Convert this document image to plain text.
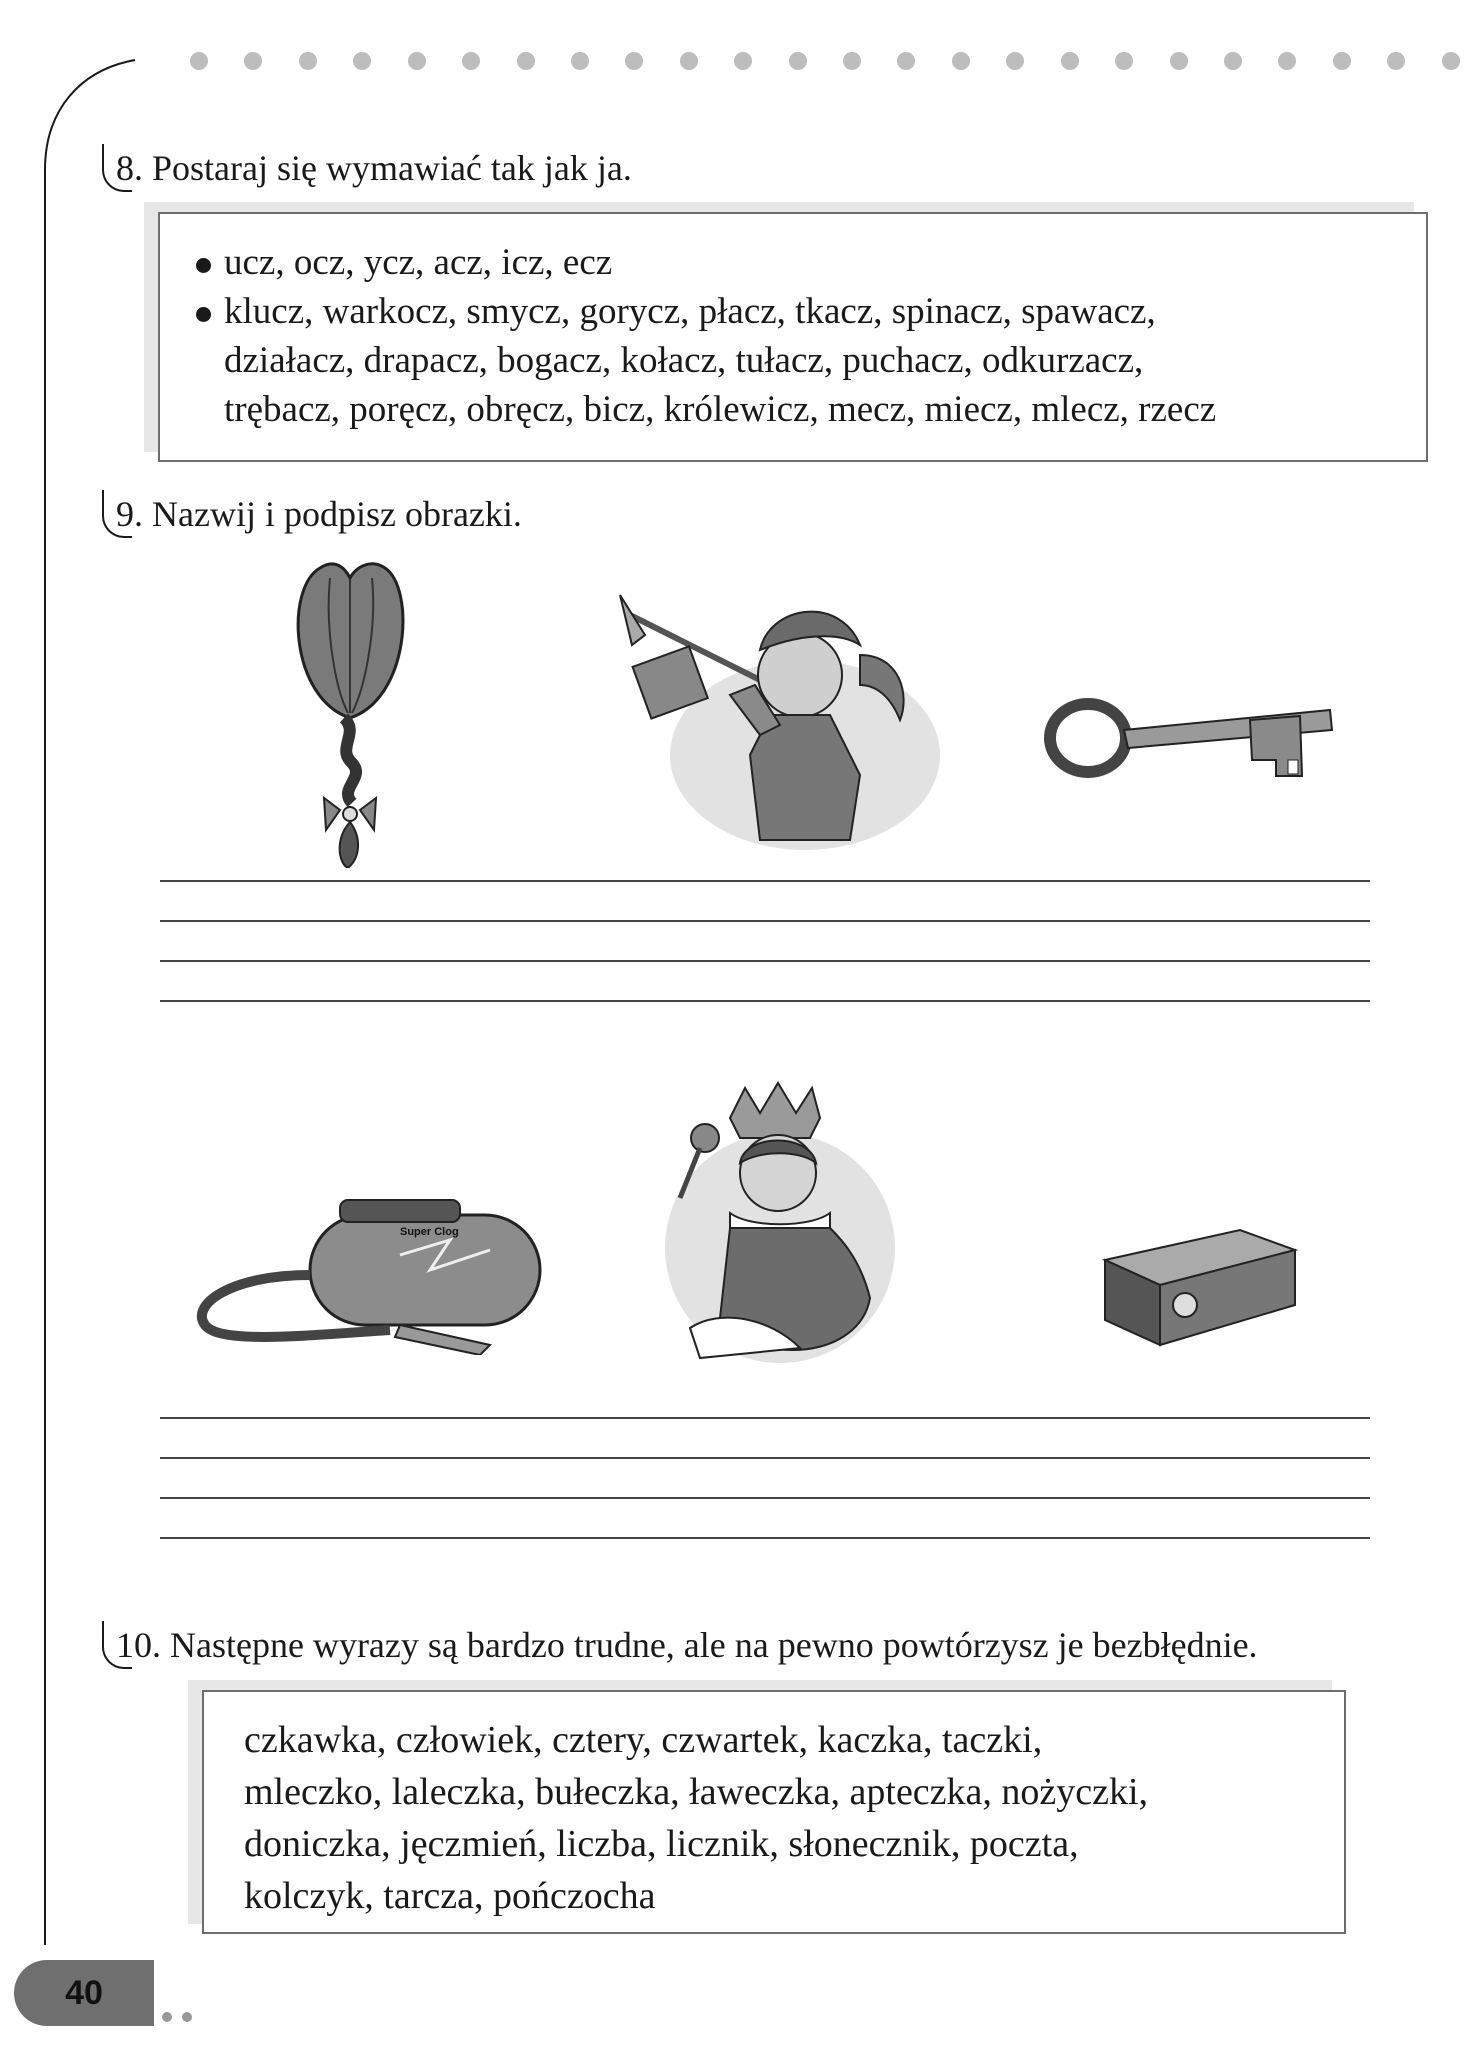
8. Postaraj się wymawiać tak jak ja.
ucz, ocz, ycz, acz, icz, ecz
klucz, warkocz, smycz, gorycz, płacz, tkacz, spinacz, spawacz,
działacz, drapacz, bogacz, kołacz, tułacz, puchacz, odkurzacz,
trębacz, poręcz, obręcz, bicz, królewicz, mecz, miecz, mlecz, rzecz
9. Nazwij i podpisz obrazki.
Super Clog
10. Następne wyrazy są bardzo trudne, ale na pewno powtórzysz je bezbłędnie.
czkawka, człowiek, cztery, czwartek, kaczka, taczki,
mleczko, laleczka, bułeczka, ławeczka, apteczka, nożyczki,
doniczka, jęczmień, liczba, licznik, słonecznik, poczta,
kolczyk, tarcza, pończocha
40
